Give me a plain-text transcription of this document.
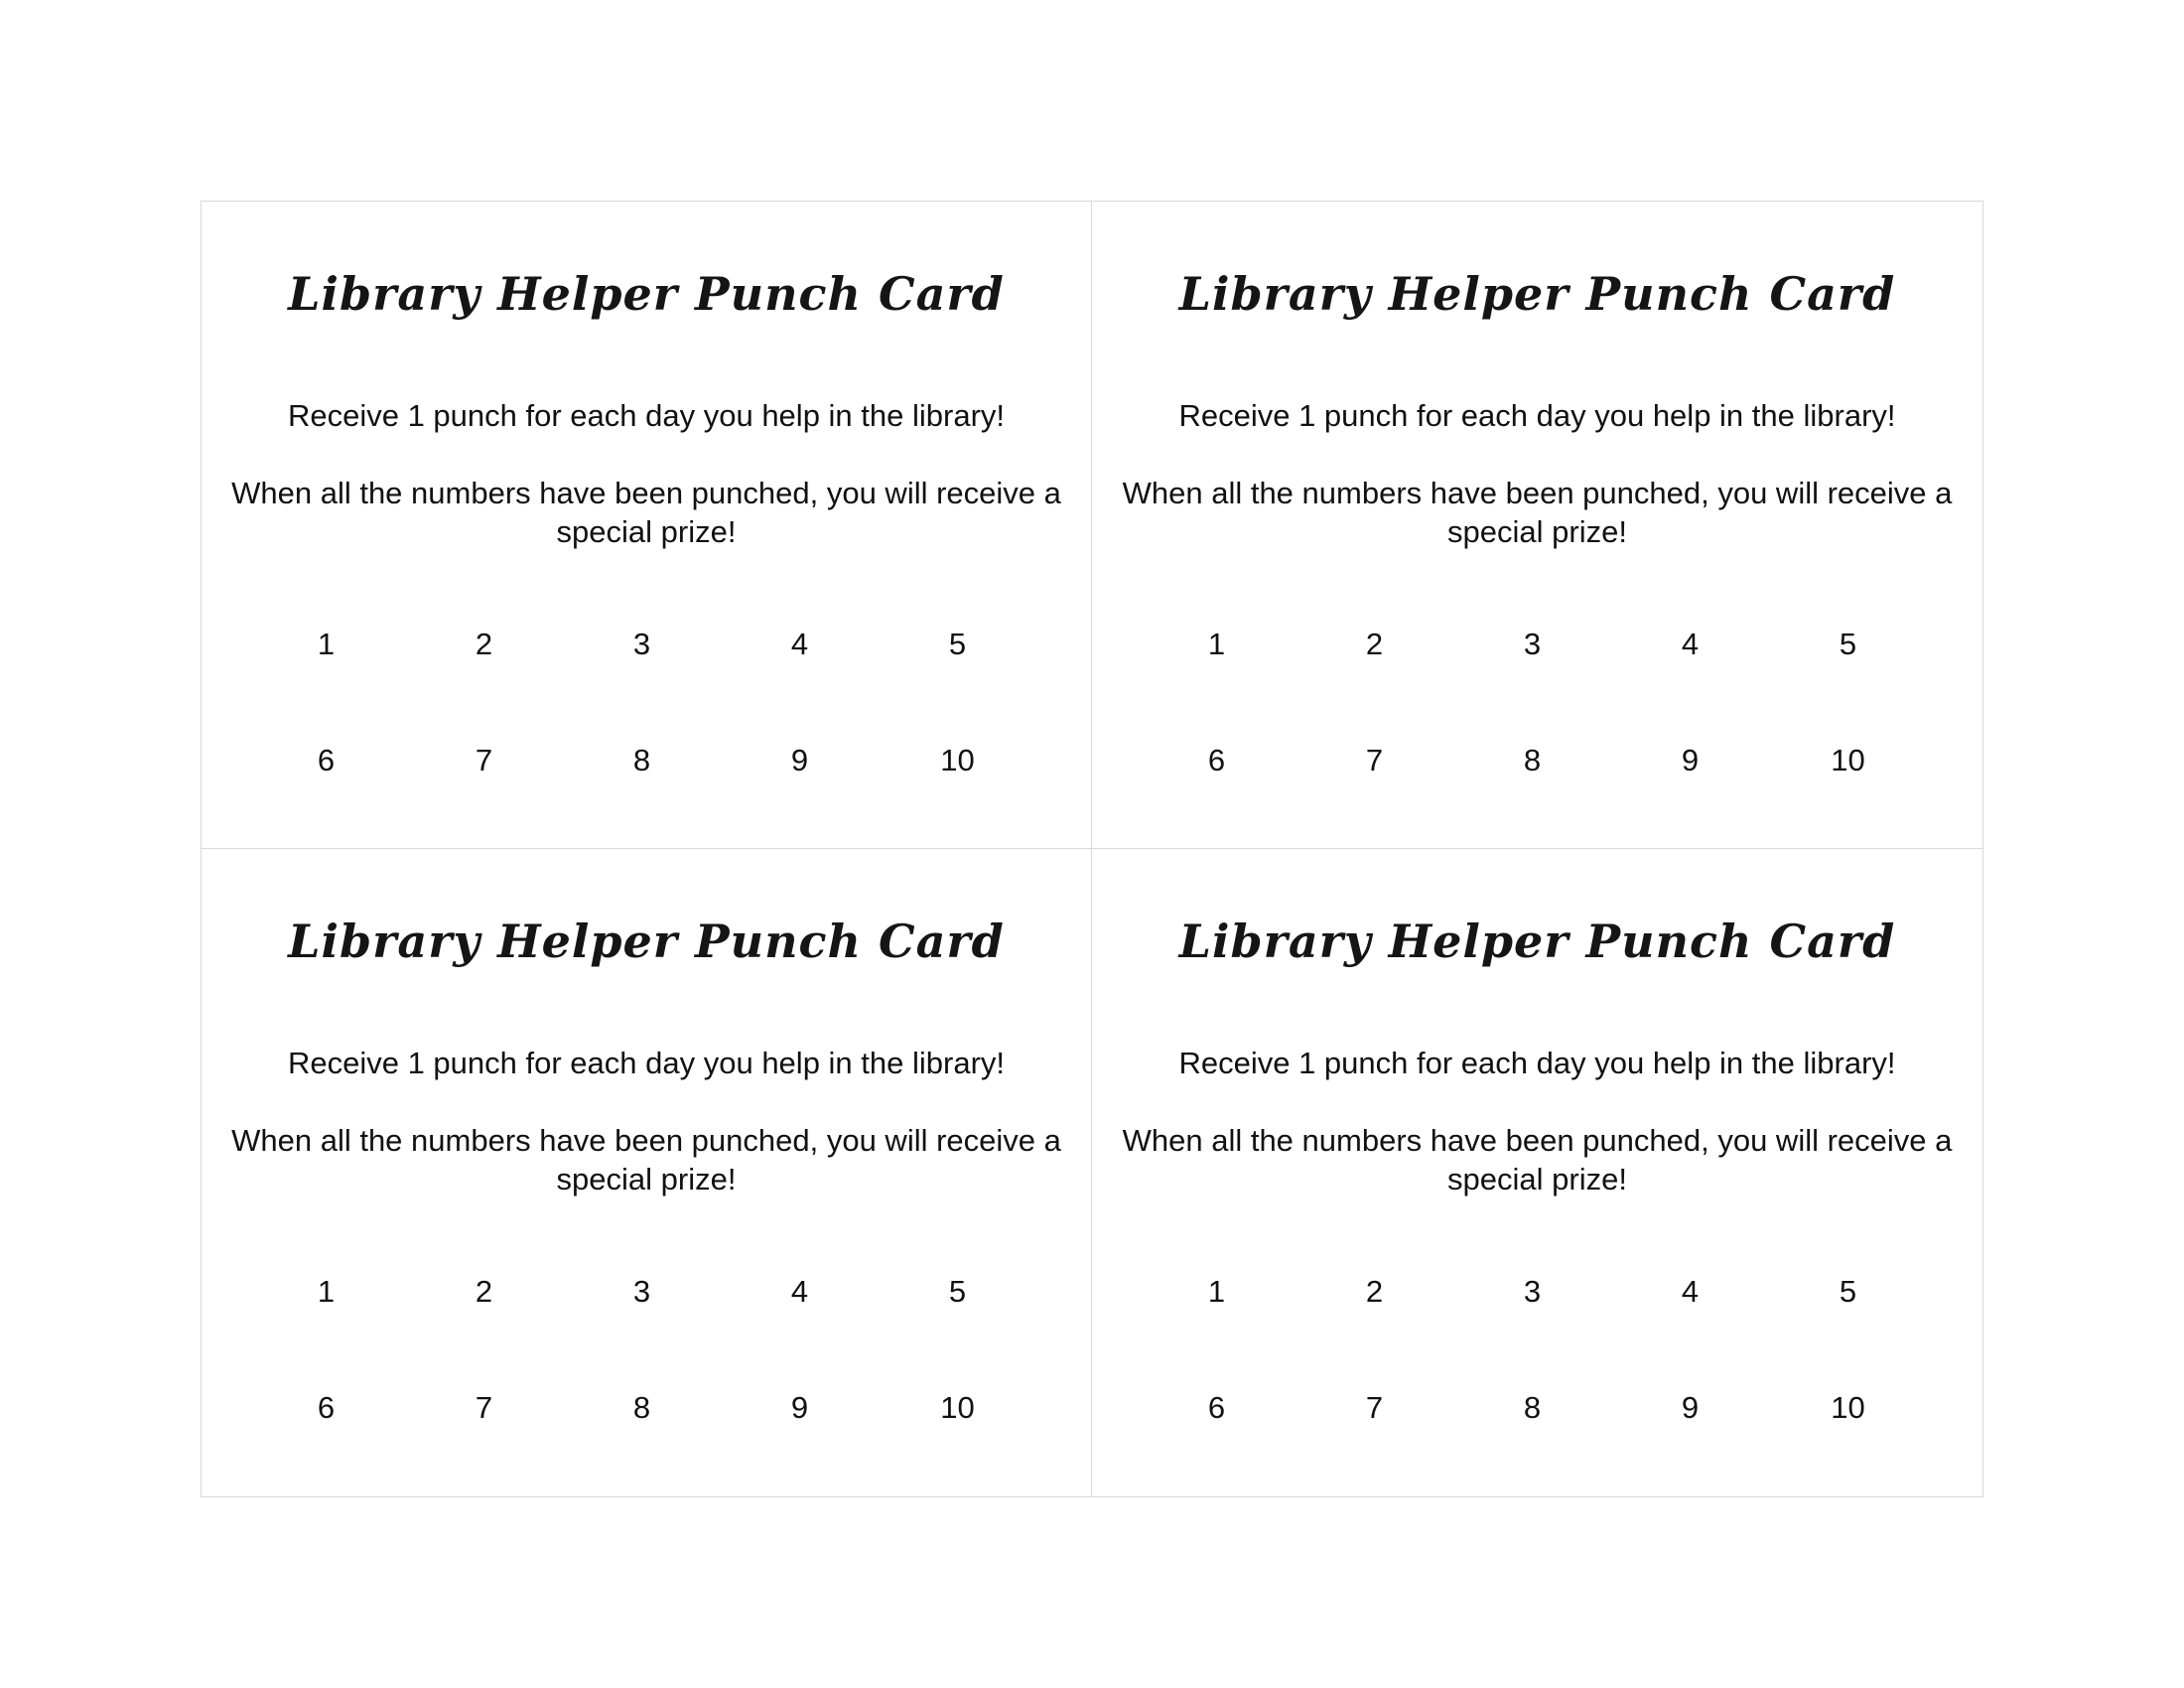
Library Helper Punch Card
Receive 1 punch for each day you help in the library!
When all the numbers have been punched, you will receive a special prize!
1	2	3	4	5
6	7	8	9	10
Library Helper Punch Card
Receive 1 punch for each day you help in the library!
When all the numbers have been punched, you will receive a special prize!
1	2	3	4	5
6	7	8	9	10
Library Helper Punch Card
Receive 1 punch for each day you help in the library!
When all the numbers have been punched, you will receive a special prize!
1	2	3	4	5
6	7	8	9	10
Library Helper Punch Card
Receive 1 punch for each day you help in the library!
When all the numbers have been punched, you will receive a special prize!
1	2	3	4	5
6	7	8	9	10
